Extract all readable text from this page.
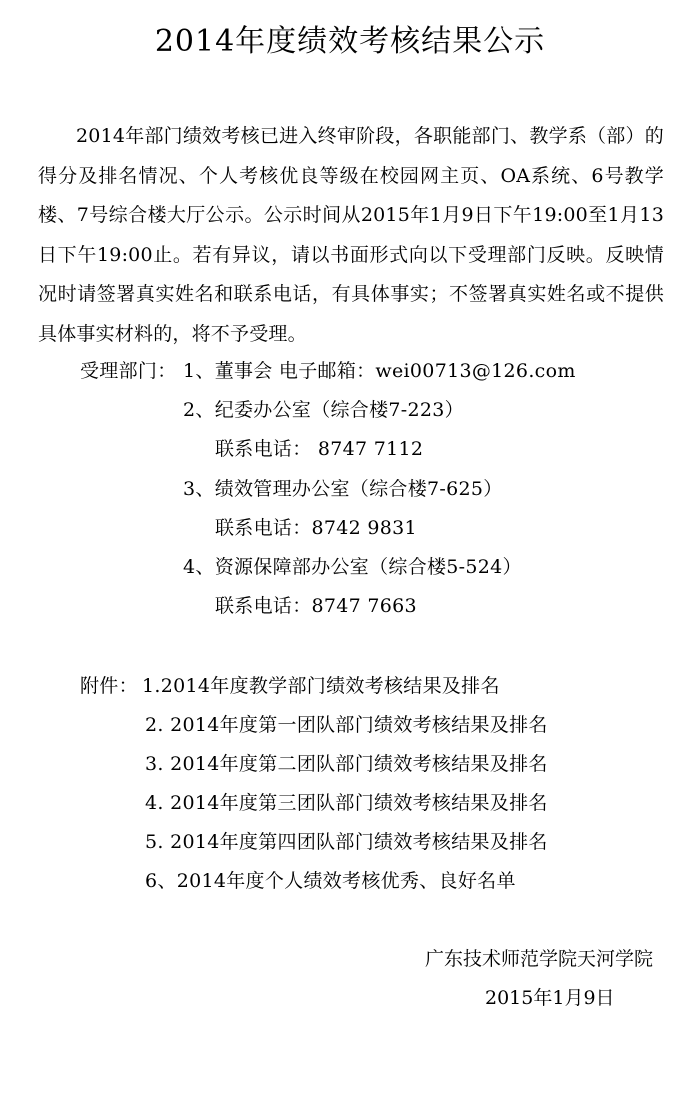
2014年度绩效考核结果公示
2014年部门绩效考核已进入终审阶段，各职能部门、教学系（部）的得分及排名情况、个人考核优良等级在校园网主页、OA系统、6号教学楼、7号综合楼大厅公示。公示时间从2015年1月9日下午19:00至1月13日下午19:00止。若有异议，请以书面形式向以下受理部门反映。反映情况时请签署真实姓名和联系电话，有具体事实；不签署真实姓名或不提供具体事实材料的，将不予受理。
受理部门： 1、董事会 电子邮箱：wei00713@126.com
2、纪委办公室（综合楼7-223）
联系电话： 8747 7112
3、绩效管理办公室（综合楼7-625）
联系电话：8742 9831
4、资源保障部办公室（综合楼5-524）
联系电话：8747 7663
附件： 1.2014年度教学部门绩效考核结果及排名
2. 2014年度第一团队部门绩效考核结果及排名
3. 2014年度第二团队部门绩效考核结果及排名
4. 2014年度第三团队部门绩效考核结果及排名
5. 2014年度第四团队部门绩效考核结果及排名
6、2014年度个人绩效考核优秀、良好名单
广东技术师范学院天河学院
2015年1月9日
